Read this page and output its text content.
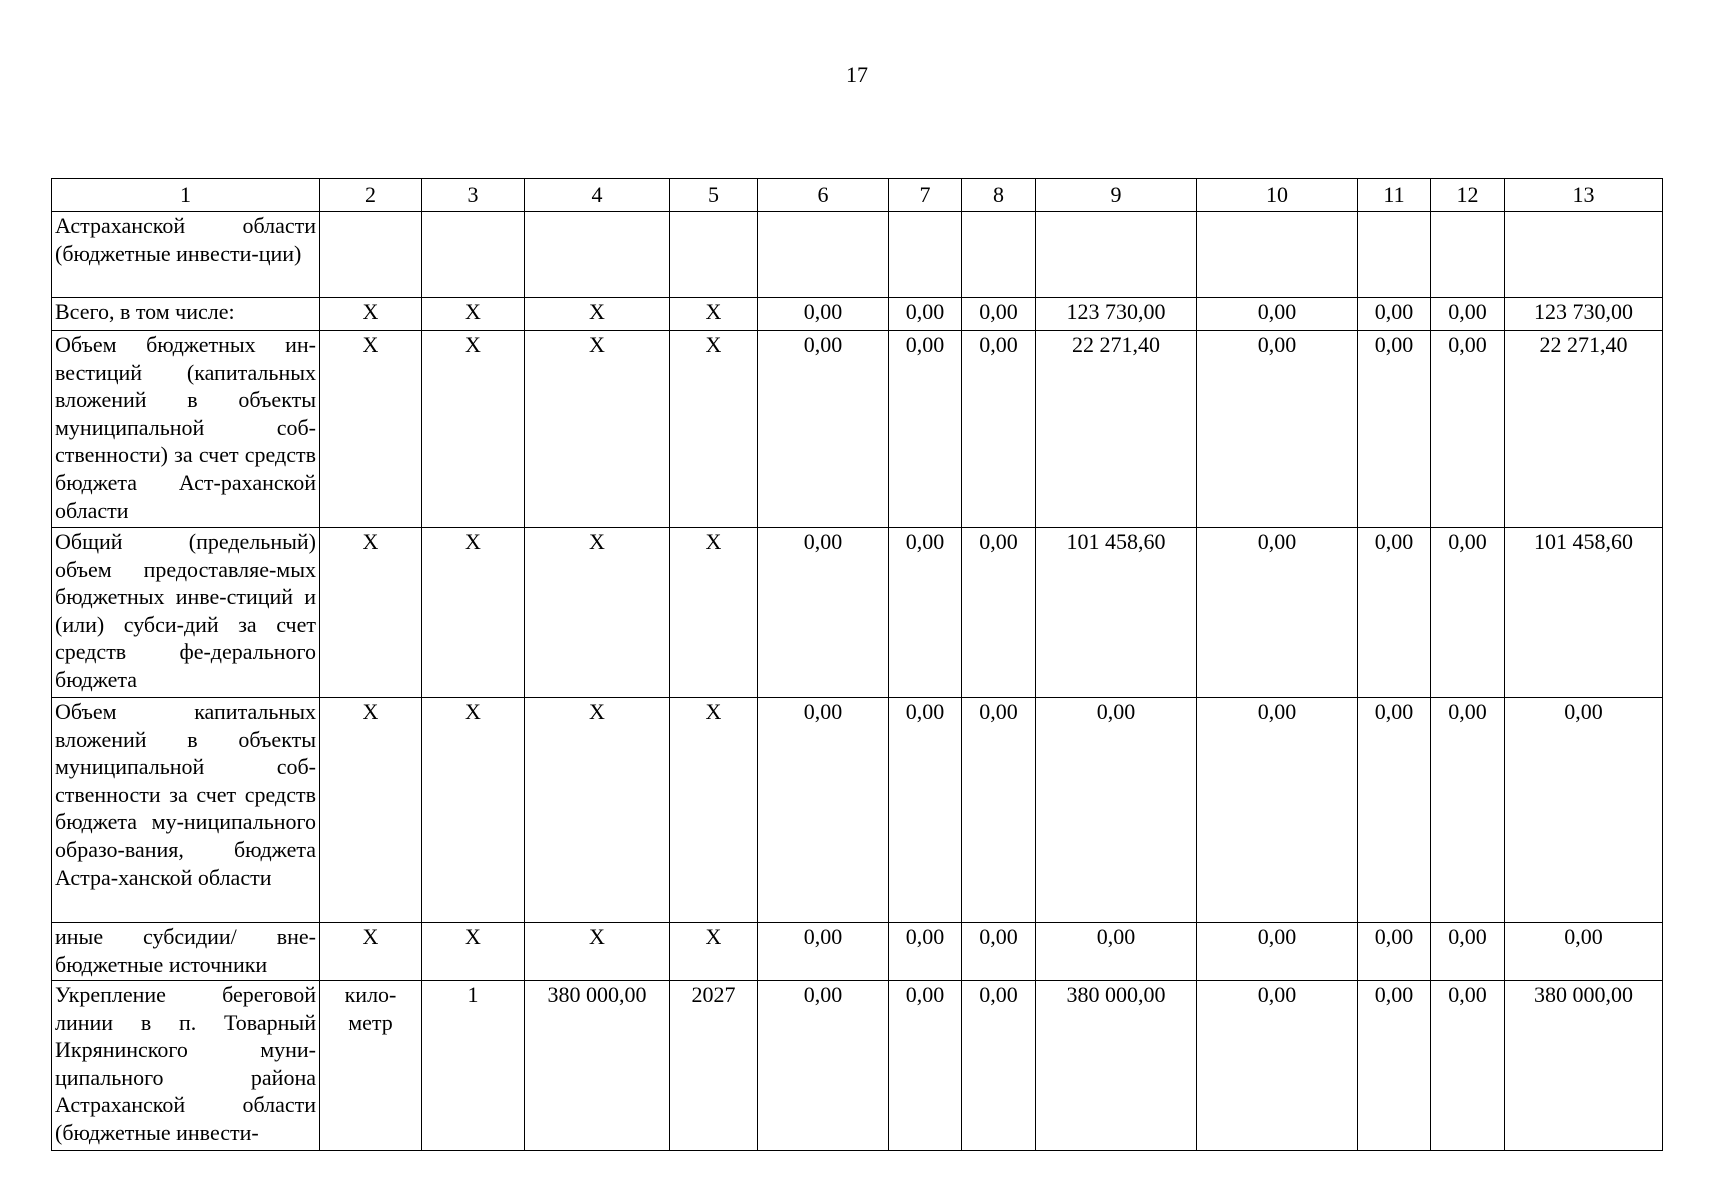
17
1	2	3	4	5	6	7	8	9	10	11	12	13
Астраханской области (бюджетные инвести-ции)												
Всего, в том числе:	Х	Х	Х	Х	0,00	0,00	0,00	123 730,00	0,00	0,00	0,00	123 730,00
Объем бюджетных ин-вестиций (капитальных вложений в объекты муниципальной соб-ственности) за счет средств бюджета Аст-раханской области	Х	Х	Х	Х	0,00	0,00	0,00	22 271,40	0,00	0,00	0,00	22 271,40
Общий (предельный) объем предоставляе-мых бюджетных инве-стиций и (или) субси-дий за счет средств фе-дерального бюджета	Х	Х	Х	Х	0,00	0,00	0,00	101 458,60	0,00	0,00	0,00	101 458,60
Объем капитальных вложений в объекты муниципальной соб-ственности за счет средств бюджета му-ниципального образо-вания, бюджета Астра-ханской области	Х	Х	Х	Х	0,00	0,00	0,00	0,00	0,00	0,00	0,00	0,00
иные субсидии/ вне-бюджетные источники	Х	Х	Х	Х	0,00	0,00	0,00	0,00	0,00	0,00	0,00	0,00
Укрепление береговой линии в п. Товарный Икрянинского муни-ципального района Астраханской области (бюджетные инвести-	кило-метр	1	380 000,00	2027	0,00	0,00	0,00	380 000,00	0,00	0,00	0,00	380 000,00
